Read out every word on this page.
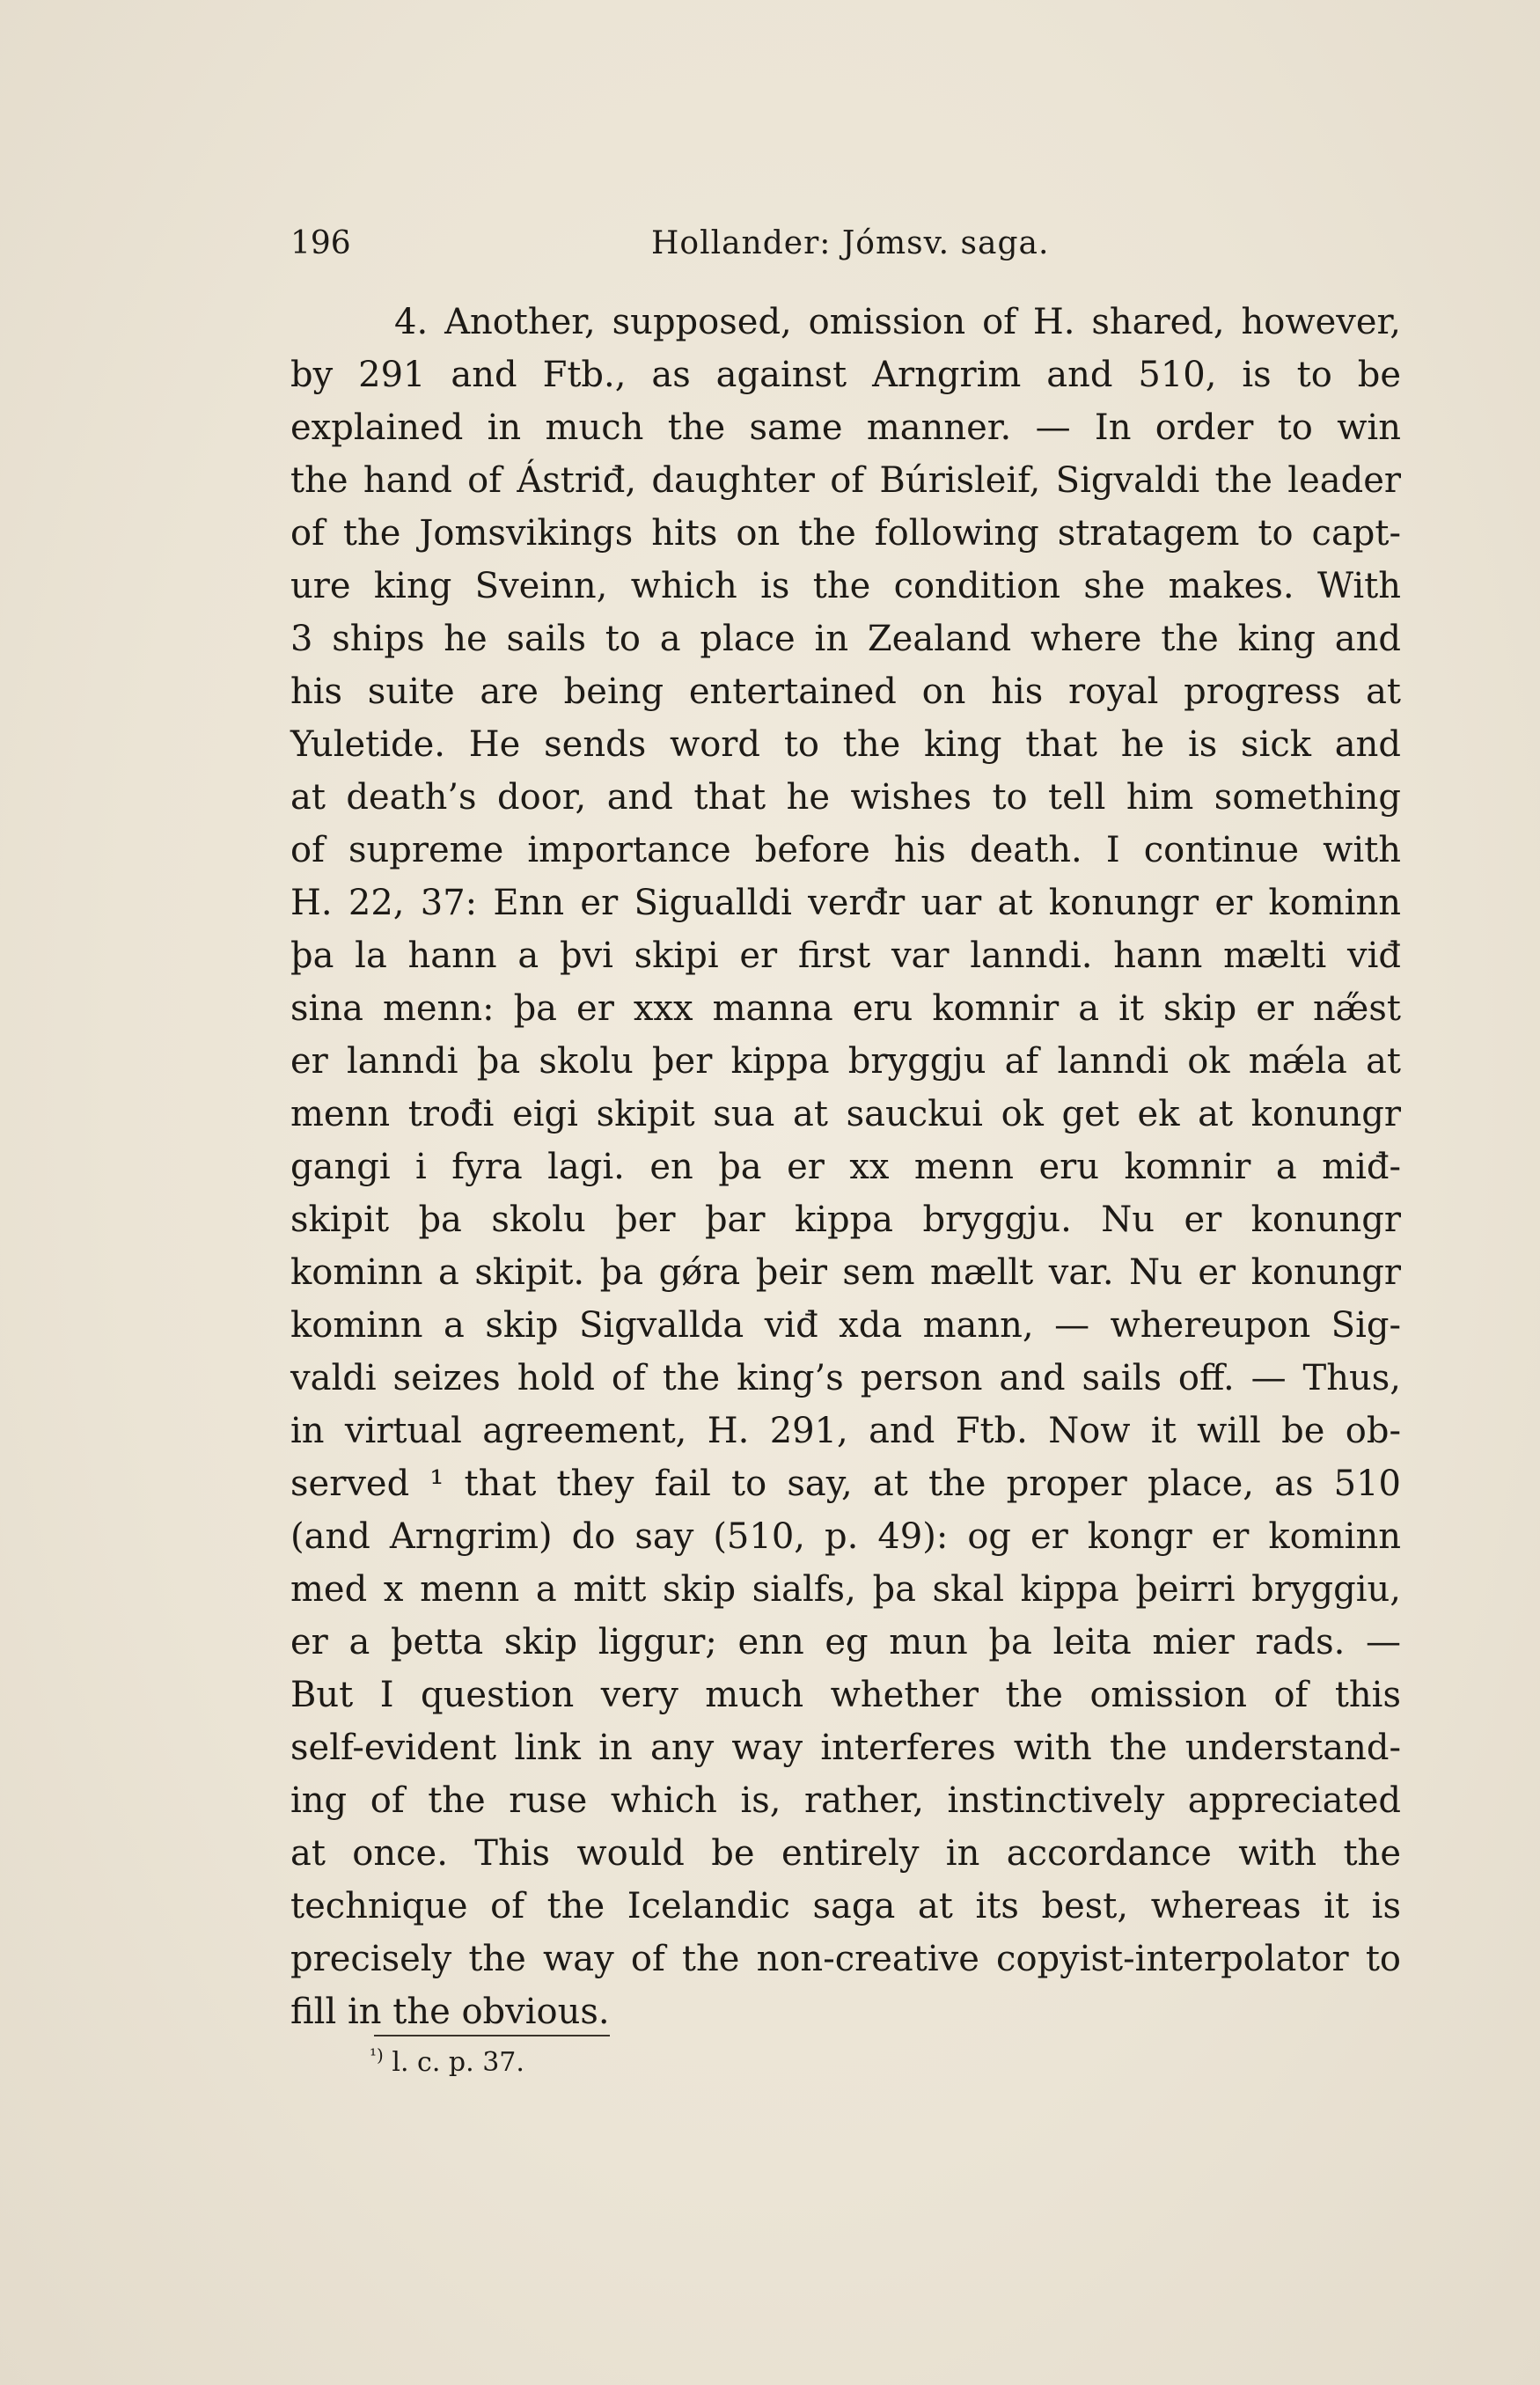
196	Hollander: Jómsv. saga.
4. Another, supposed, omission of H. shared, however,
by 291 and Ftb., as against Arngrim and 510, is to be
explained in much the same manner. — In order to win
the hand of Ástriđ, daughter of Búrisleif, Sigvaldi the leader
of the Jomsvikings hits on the following stratagem to capt-
ure king Sveinn, which is the condition she makes. With
3 ships he sails to a place in Zealand where the king and
his suite are being entertained on his royal progress at
Yuletide. He sends word to the king that he is sick and
at death’s door, and that he wishes to tell him something
of supreme importance before his death. I continue with
H. 22, 37: Enn er Sigualldi verđr uar at konungr er kominn
þa la hann a þvi skipi er first var lanndi. hann mælti viđ
sina menn: þa er xxx manna eru komnir a it skip er næ̋st
er lanndi þa skolu þer kippa bryggju af lanndi ok mǽla at
menn trođi eigi skipit sua at sauckui ok get ek at konungr
gangi i fyra lagi. en þa er xx menn eru komnir a miđ-
skipit þa skolu þer þar kippa bryggju. Nu er konungr
kominn a skipit. þa gǿra þeir sem mællt var. Nu er konungr
kominn a skip Sigvallda viđ xda mann, — whereupon Sig-
valdi seizes hold of the king’s person and sails off. — Thus,
in virtual agreement, H. 291, and Ftb. Now it will be ob-
served ¹ that they fail to say, at the proper place, as 510
(and Arngrim) do say (510, p. 49): og er kongr er kominn
med x menn a mitt skip sialfs, þa skal kippa þeirri bryggiu,
er a þetta skip liggur; enn eg mun þa leita mier rads. —
But I question very much whether the omission of this
self-evident link in any way interferes with the understand-
ing of the ruse which is, rather, instinctively appreciated
at once. This would be entirely in accordance with the
technique of the Icelandic saga at its best, whereas it is
precisely the way of the non-creative copyist-interpolator to
fill in the obvious.
$^{^1)}$ l. c. p. 37.
